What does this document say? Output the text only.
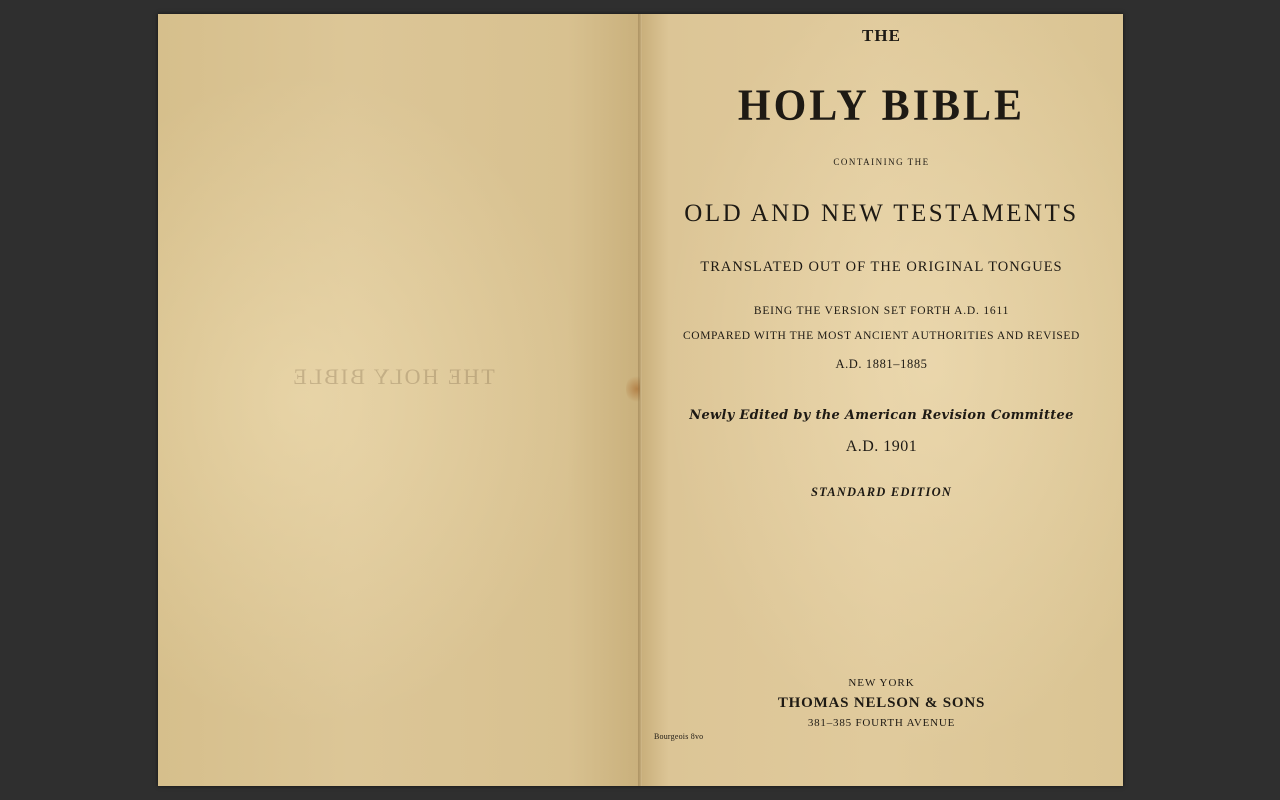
THE HOLY BIBLE
THE
HOLY BIBLE
CONTAINING THE
OLD AND NEW TESTAMENTS
TRANSLATED OUT OF THE ORIGINAL TONGUES
BEING THE VERSION SET FORTH A.D. 1611
COMPARED WITH THE MOST ANCIENT AUTHORITIES AND REVISED
A.D. 1881–1885
Newly Edited by the American Revision Committee
A.D. 1901
STANDARD EDITION
NEW YORK
THOMAS NELSON & SONS
381–385 FOURTH AVENUE
Bourgeois 8vo
